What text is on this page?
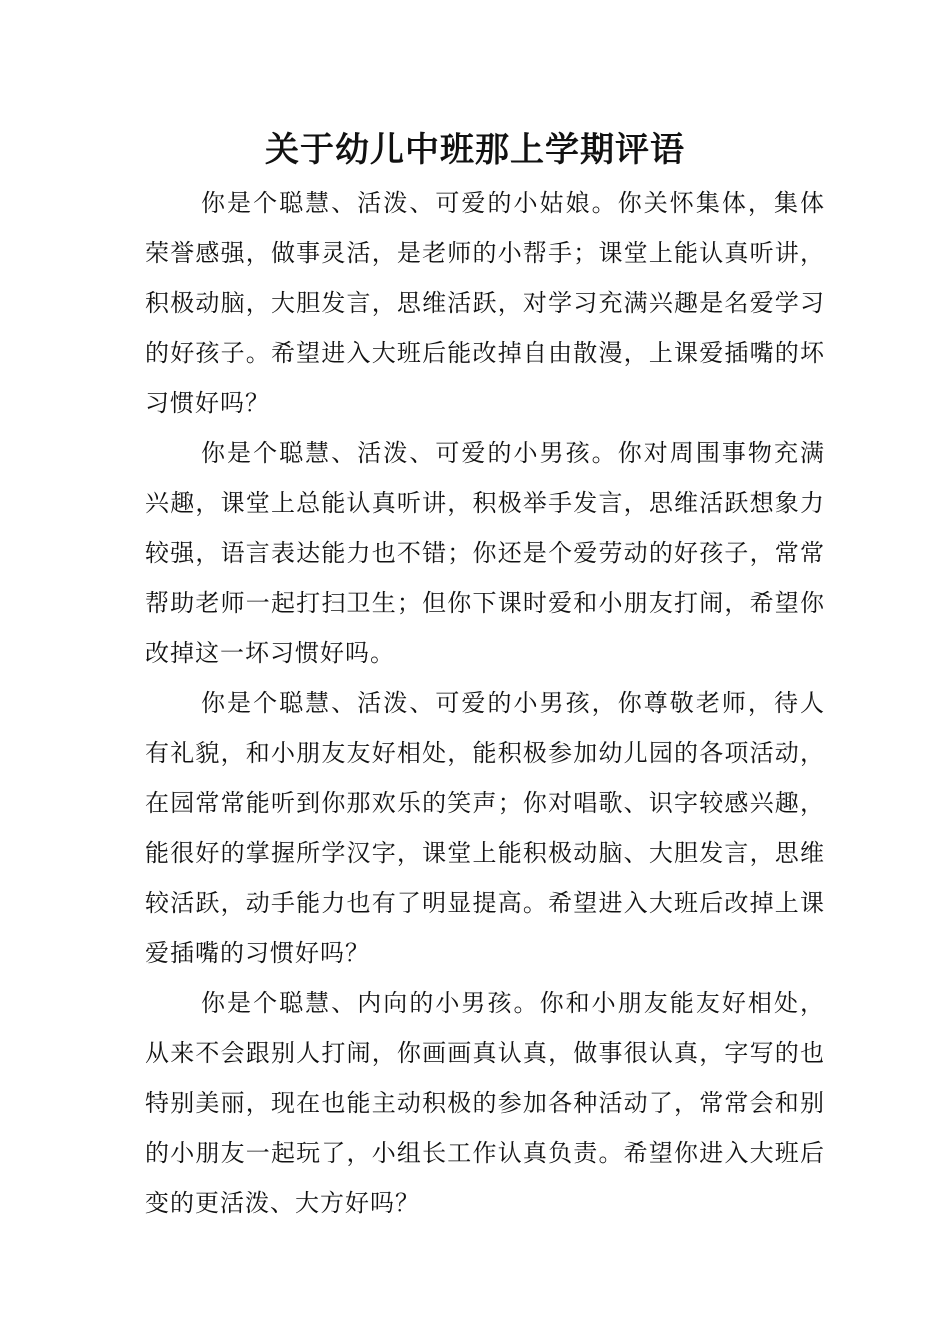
关于幼儿中班那上学期评语

你是个聪慧、活泼、可爱的小姑娘。你关怀集体，集体荣誉感强，做事灵活，是老师的小帮手；课堂上能认真听讲，积极动脑，大胆发言，思维活跃，对学习充满兴趣是名爱学习的好孩子。希望进入大班后能改掉自由散漫，上课爱插嘴的坏习惯好吗？

你是个聪慧、活泼、可爱的小男孩。你对周围事物充满兴趣，课堂上总能认真听讲，积极举手发言，思维活跃想象力较强，语言表达能力也不错；你还是个爱劳动的好孩子，常常帮助老师一起打扫卫生；但你下课时爱和小朋友打闹，希望你改掉这一坏习惯好吗。

你是个聪慧、活泼、可爱的小男孩，你尊敬老师，待人有礼貌，和小朋友友好相处，能积极参加幼儿园的各项活动，在园常常能听到你那欢乐的笑声；你对唱歌、识字较感兴趣，能很好的掌握所学汉字，课堂上能积极动脑、大胆发言，思维较活跃，动手能力也有了明显提高。希望进入大班后改掉上课爱插嘴的习惯好吗？

你是个聪慧、内向的小男孩。你和小朋友能友好相处，从来不会跟别人打闹，你画画真认真，做事很认真，字写的也特别美丽，现在也能主动积极的参加各种活动了，常常会和别的小朋友一起玩了，小组长工作认真负责。希望你进入大班后变的更活泼、大方好吗？
